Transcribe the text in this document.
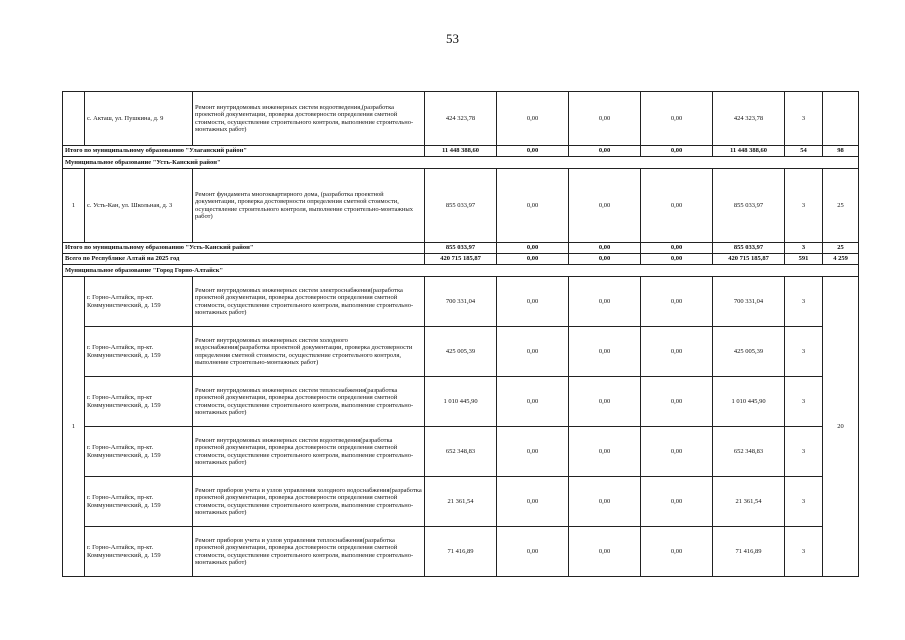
53
	с. Акташ, ул. Пушкина, д. 9	Ремонт внутридомовых инженерных систем водоотведения,(разработка проектной документации, проверка достоверности определения сметной стоимости, осуществление строительного контроля, выполнение строительно-монтажных работ)	424 323,78	0,00	0,00	0,00	424 323,78	3	
Итого по муниципальному образованию "Улаганский район"			11 448 388,60	0,00	0,00	0,00	11 448 388,60	54	98
Муниципальное образование "Усть-Канский район"									
1	с. Усть-Кан, ул. Школьная, д. 3	Ремонт фундамента многоквартирного дома, (разработка проектной документации, проверка достоверности определения сметной стоимости, осуществление строительного контроля, выполнение строительно-монтажных работ)	855 033,97	0,00	0,00	0,00	855 033,97	3	25
Итого по муниципальному образованию "Усть-Канский район"			855 033,97	0,00	0,00	0,00	855 033,97	3	25
Всего по Республике Алтай на 2025 год			420 715 185,87	0,00	0,00	0,00	420 715 185,87	591	4 259
Муниципальное образование "Город Горно-Алтайск"									
1	г. Горно-Алтайск, пр-кт. Коммунистический, д. 159	Ремонт внутридомовых инженерных систем электроснабжения(разработка проектной документации, проверка достоверности определения сметной стоимости, осуществление строительного контроля, выполнение строительно-монтажных работ)	700 331,04	0,00	0,00	0,00	700 331,04	3	20
	г. Горно-Алтайск, пр-кт. Коммунистический, д. 159	Ремонт внутридомовых инженерных систем холодного водоснабжения(разработка проектной документации, проверка достоверности определения сметной стоимости, осуществление строительного контроля, выполнение строительно-монтажных работ)	425 005,39	0,00	0,00	0,00	425 005,39	3	
	г. Горно-Алтайск, пр-кт Коммунистический, д. 159	Ремонт внутридомовых инженерных систем теплоснабжения(разработка проектной документации, проверка достоверности определения сметной стоимости, осуществление строительного контроля, выполнение строительно-монтажных работ)	1 010 445,90	0,00	0,00	0,00	1 010 445,90	3	
	г. Горно-Алтайск, пр-кт. Коммунистический, д. 159	Ремонт внутридомовых инженерных систем водоотведения(разработка проектной документации, проверка достоверности определения сметной стоимости, осуществление строительного контроля, выполнение строительно-монтажных работ)	652 348,83	0,00	0,00	0,00	652 348,83	3	
	г. Горно-Алтайск, пр-кт. Коммунистический, д. 159	Ремонт приборов учета и узлов управления холодного водоснабжения(разработка проектной документации, проверка достоверности определения сметной стоимости, осуществление строительного контроля, выполнение строительно-монтажных работ)	21 361,54	0,00	0,00	0,00	21 361,54	3	
	г. Горно-Алтайск, пр-кт. Коммунистический, д. 159	Ремонт приборов учета и узлов управления теплоснабжения(разработка проектной документации, проверка достоверности определения сметной стоимости, осуществление строительного контроля, выполнение строительно-монтажных работ)	71 416,89	0,00	0,00	0,00	71 416,89	3	
